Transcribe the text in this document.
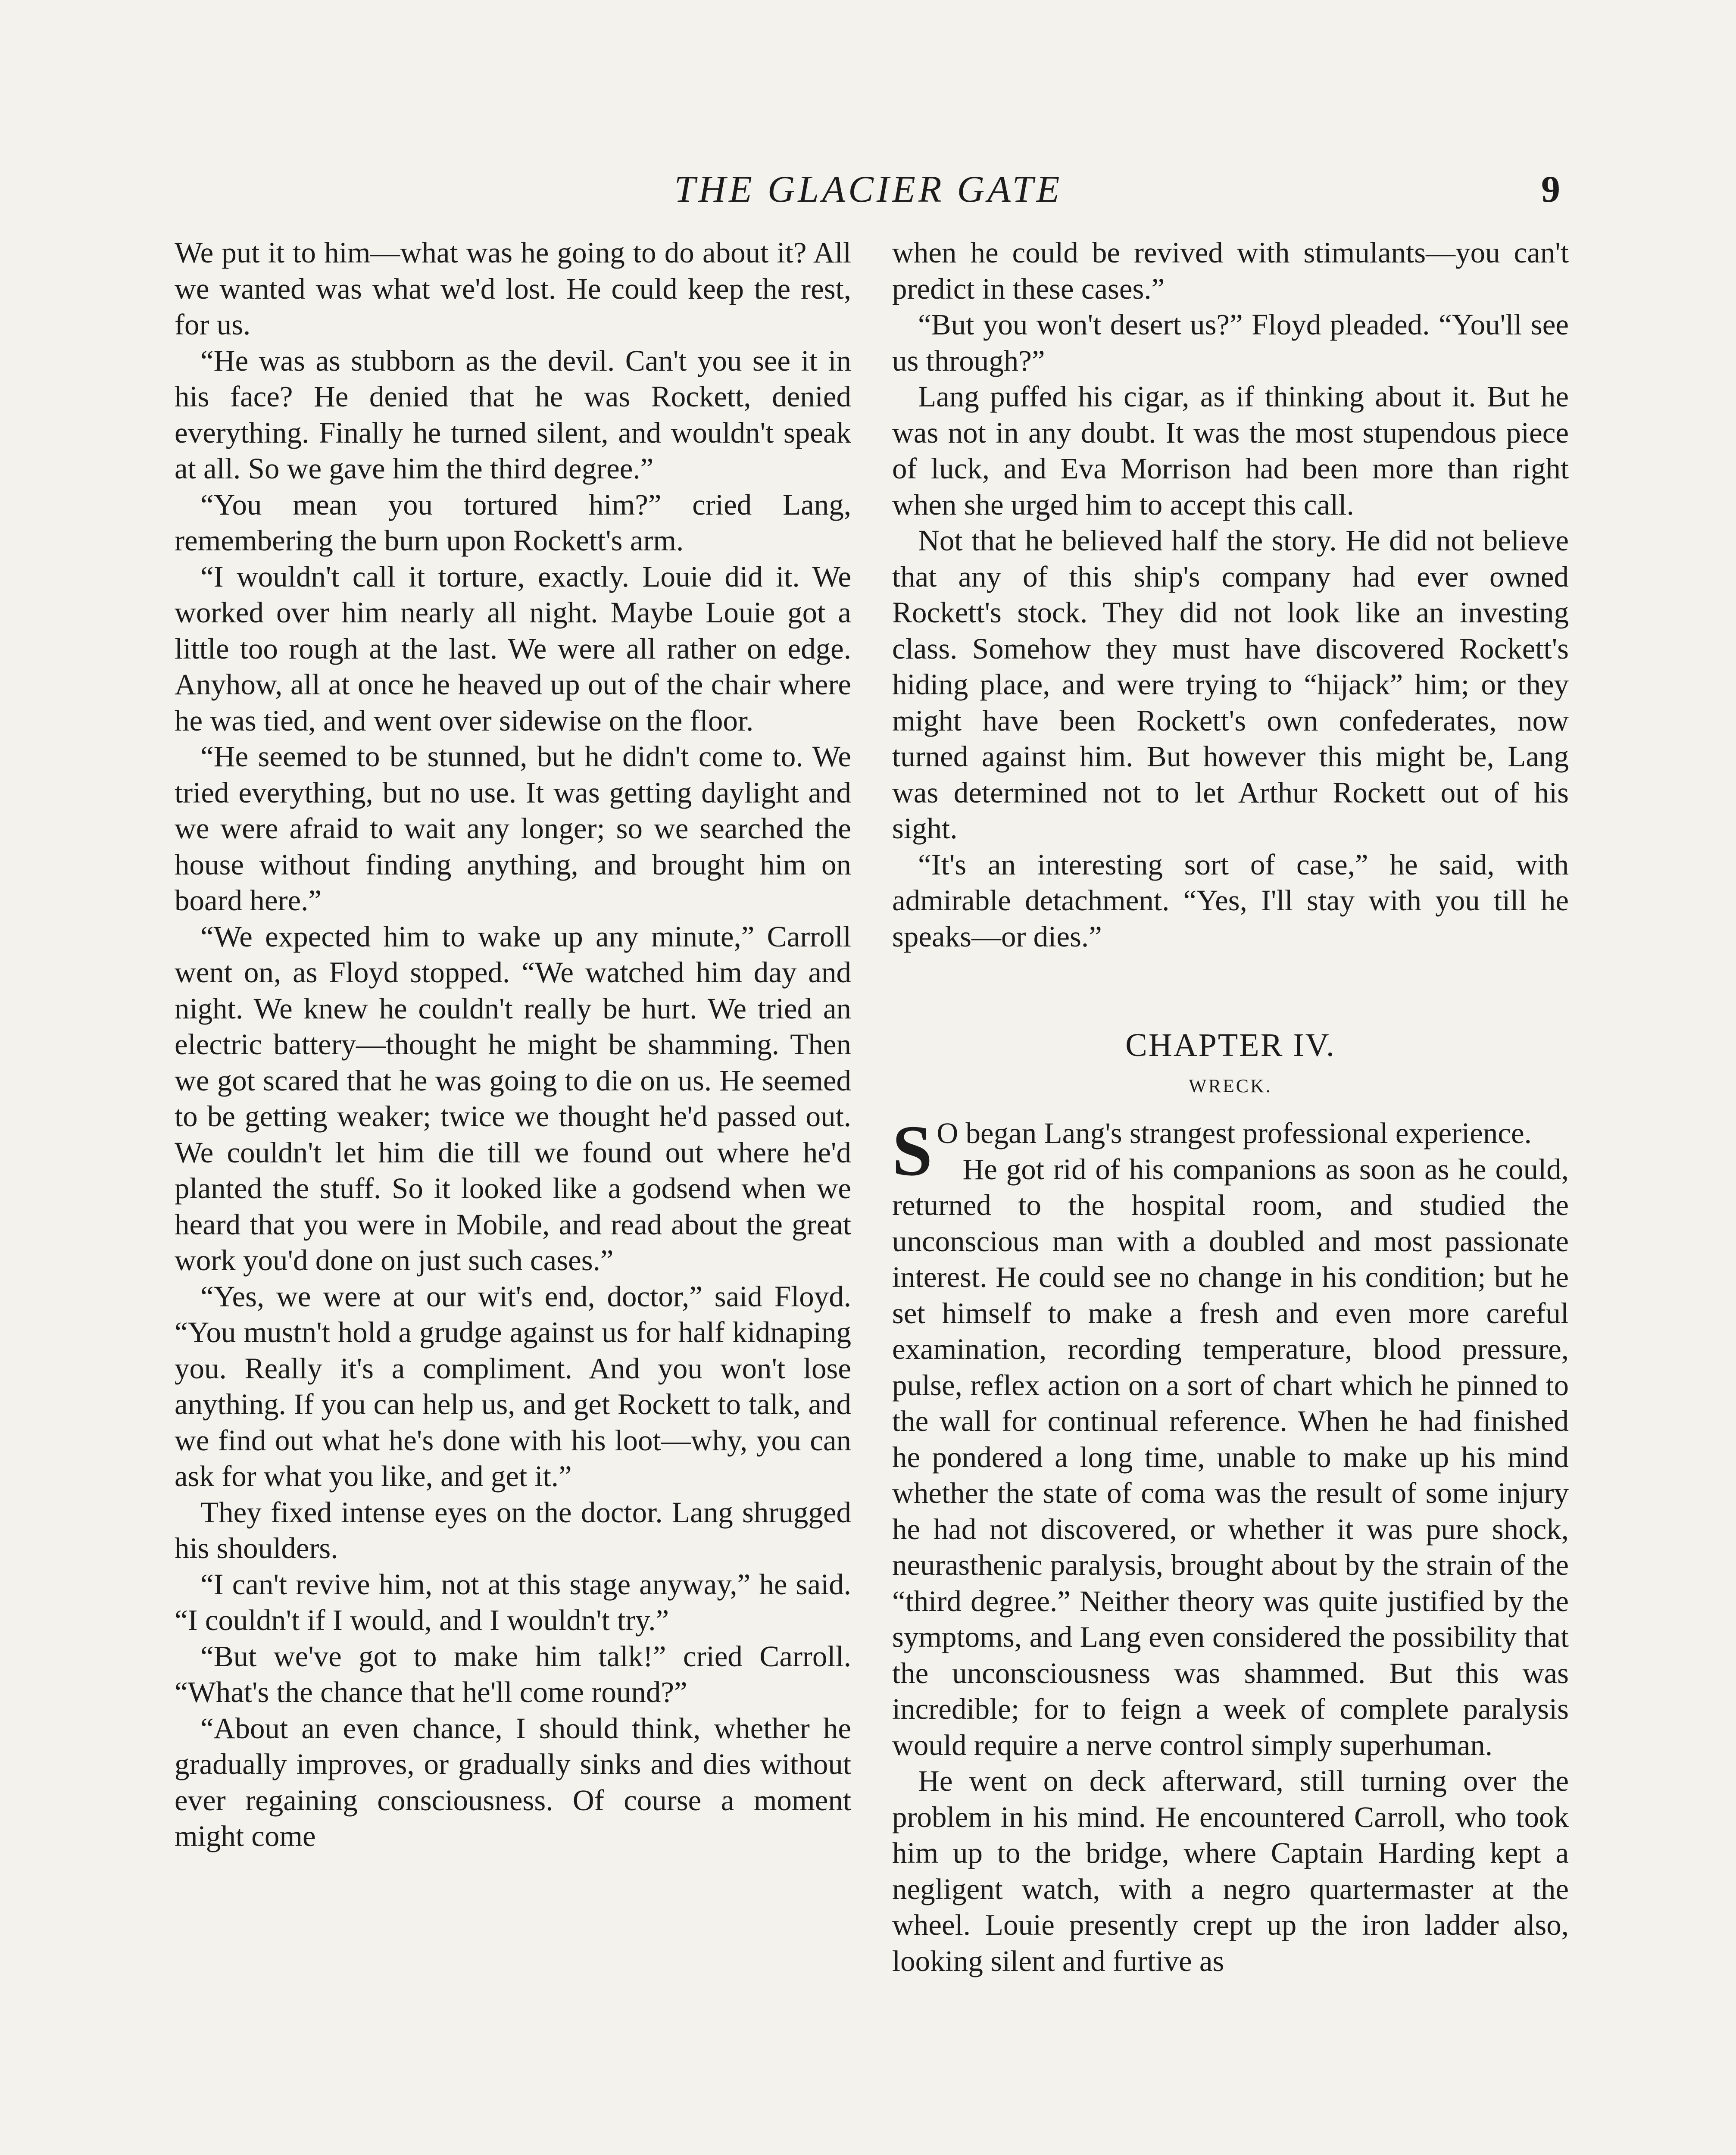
THE GLACIER GATE	9

We put it to him—what was he going to do about it? All we wanted was what we'd lost. He could keep the rest, for us.

“He was as stubborn as the devil. Can't you see it in his face? He denied that he was Rockett, denied everything. Finally he turned silent, and wouldn't speak at all. So we gave him the third degree.”

“You mean you tortured him?” cried Lang, remembering the burn upon Rockett's arm.

“I wouldn't call it torture, exactly. Louie did it. We worked over him nearly all night. Maybe Louie got a little too rough at the last. We were all rather on edge. Anyhow, all at once he heaved up out of the chair where he was tied, and went over sidewise on the floor.

“He seemed to be stunned, but he didn't come to. We tried everything, but no use. It was getting daylight and we were afraid to wait any longer; so we searched the house without finding anything, and brought him on board here.”

“We expected him to wake up any minute,” Carroll went on, as Floyd stopped. “We watched him day and night. We knew he couldn't really be hurt. We tried an electric battery—thought he might be shamming. Then we got scared that he was going to die on us. He seemed to be getting weaker; twice we thought he'd passed out. We couldn't let him die till we found out where he'd planted the stuff. So it looked like a godsend when we heard that you were in Mobile, and read about the great work you'd done on just such cases.”

“Yes, we were at our wit's end, doctor,” said Floyd. “You mustn't hold a grudge against us for half kidnaping you. Really it's a compliment. And you won't lose anything. If you can help us, and get Rockett to talk, and we find out what he's done with his loot—why, you can ask for what you like, and get it.”

They fixed intense eyes on the doctor. Lang shrugged his shoulders.

“I can't revive him, not at this stage anyway,” he said. “I couldn't if I would, and I wouldn't try.”

“But we've got to make him talk!” cried Carroll. “What's the chance that he'll come round?”

“About an even chance, I should think, whether he gradually improves, or gradually sinks and dies without ever regaining consciousness. Of course a moment might come

when he could be revived with stimulants—you can't predict in these cases.”

“But you won't desert us?” Floyd pleaded. “You'll see us through?”

Lang puffed his cigar, as if thinking about it. But he was not in any doubt. It was the most stupendous piece of luck, and Eva Morrison had been more than right when she urged him to accept this call.

Not that he believed half the story. He did not believe that any of this ship's company had ever owned Rockett's stock. They did not look like an investing class. Somehow they must have discovered Rockett's hiding place, and were trying to “hijack” him; or they might have been Rockett's own confederates, now turned against him. But however this might be, Lang was determined not to let Arthur Rockett out of his sight.

“It's an interesting sort of case,” he said, with admirable detachment. “Yes, I'll stay with you till he speaks—or dies.”

CHAPTER IV.
WRECK.

S O began Lang's strangest professional experience.

He got rid of his companions as soon as he could, returned to the hospital room, and studied the unconscious man with a doubled and most passionate interest. He could see no change in his condition; but he set himself to make a fresh and even more careful examination, recording temperature, blood pressure, pulse, reflex action on a sort of chart which he pinned to the wall for continual reference. When he had finished he pondered a long time, unable to make up his mind whether the state of coma was the result of some injury he had not discovered, or whether it was pure shock, neurasthenic paralysis, brought about by the strain of the “third degree.” Neither theory was quite justified by the symptoms, and Lang even considered the possibility that the unconsciousness was shammed. But this was incredible; for to feign a week of complete paralysis would require a nerve control simply superhuman.

He went on deck afterward, still turning over the problem in his mind. He encountered Carroll, who took him up to the bridge, where Captain Harding kept a negligent watch, with a negro quartermaster at the wheel. Louie presently crept up the iron ladder also, looking silent and furtive as
